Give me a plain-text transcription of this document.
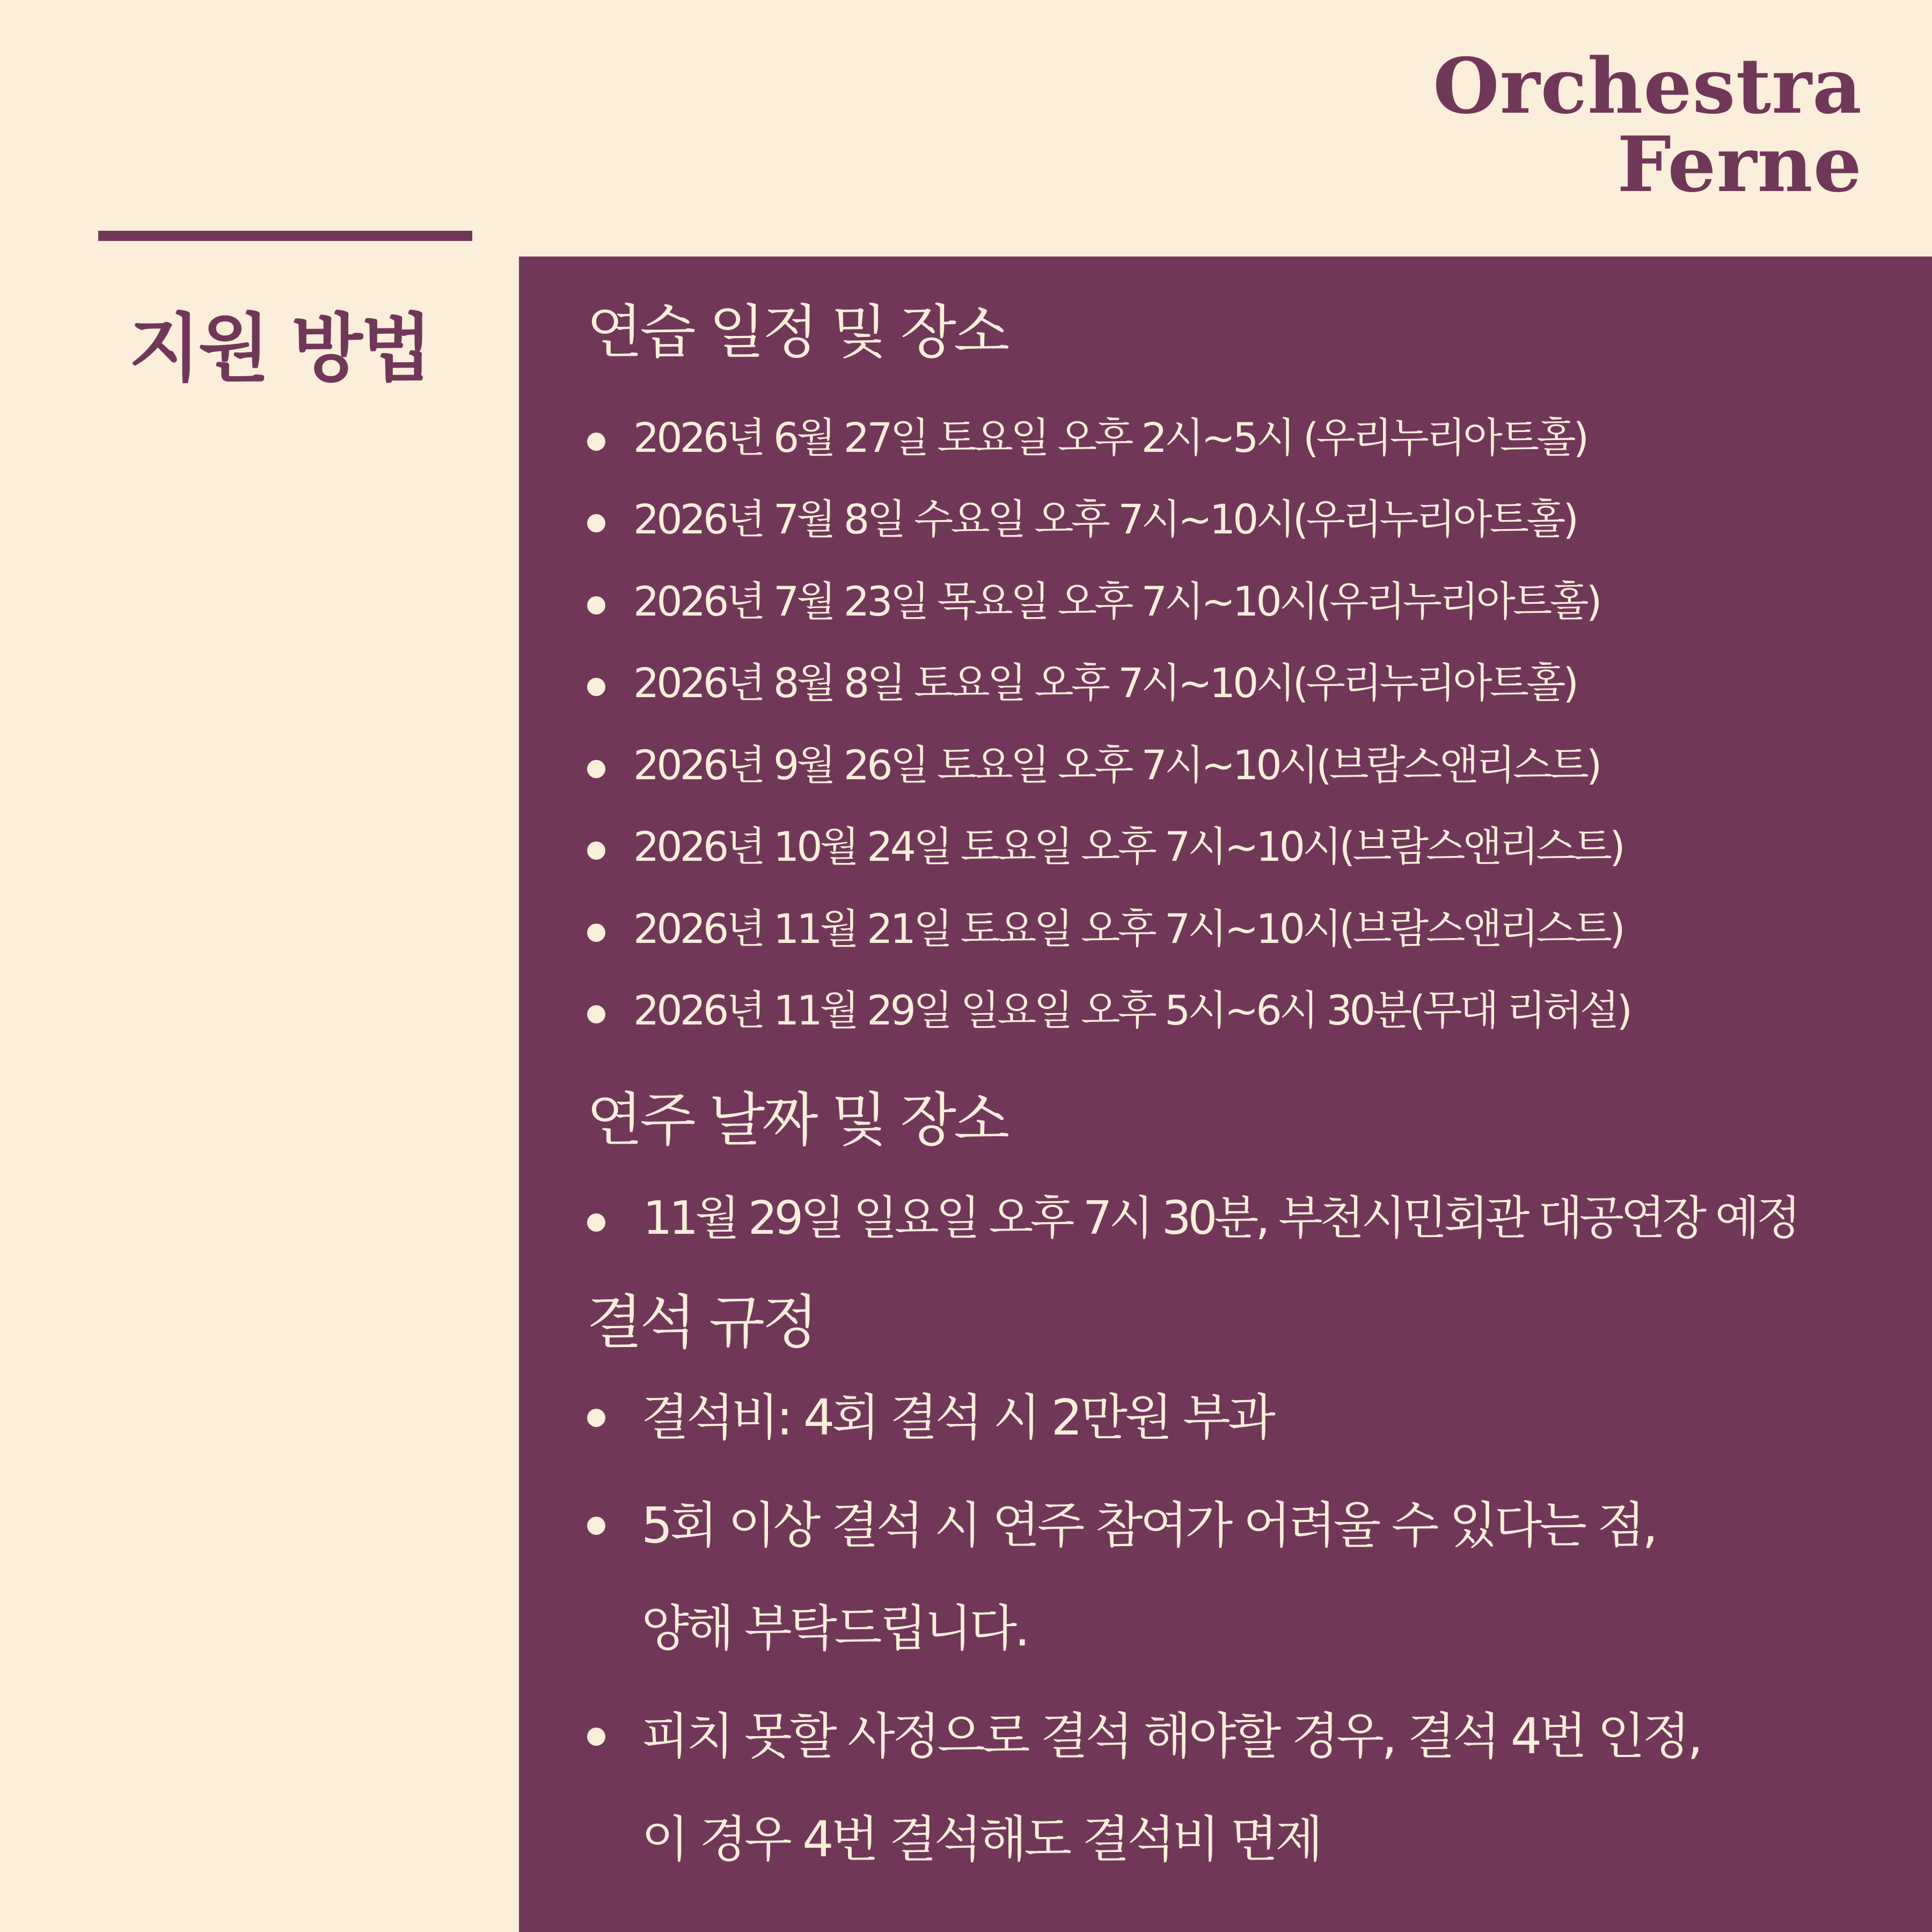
Orchestra
Ferne
지원 방법	연습 일정 및 장소
2026년 6월 27일 토요일 오후 2시~5시 (우리누리아트홀)
2026년 7월 8일 수요일 오후 7시~10시(우리누리아트홀)
2026년 7월 23일 목요일 오후 7시~10시(우리누리아트홀)
2026년 8월 8일 토요일 오후 7시~10시(우리누리아트홀)
2026년 9월 26일 토요일 오후 7시~10시(브람스앤리스트)
2026년 10월 24일 토요일 오후 7시~10시(브람스앤리스트)
2026년 11월 21일 토요일 오후 7시~10시(브람스앤리스트)
2026년 11월 29일 일요일 오후 5시~6시 30분(무대 리허설)
연주 날짜 및 장소
11월 29일 일요일 오후 7시 30분, 부천시민회관 대공연장 예정
결석 규정
결석비: 4회 결석 시 2만원 부과
5회 이상 결석 시 연주 참여가 어려울 수 있다는 점,
양해 부탁드립니다.
피치 못할 사정으로 결석 해야할 경우, 결석 4번 인정,
이 경우 4번 결석해도 결석비 면제
